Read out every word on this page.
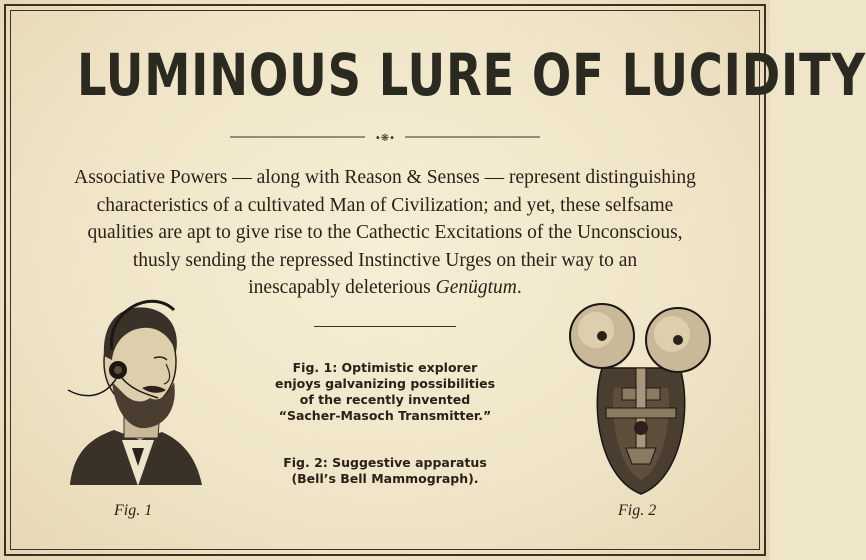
LUMINOUS LURE OF LUCIDITY
•❋•
Associative Powers — along with Reason & Senses — represent distinguishing
characteristics of a cultivated Man of Civilization; and yet, these selfsame
qualities are apt to give rise to the Cathectic Excitations of the Unconscious,
thusly sending the repressed Instinctive Urges on their way to an
inescapably deleterious Genügtum.
Fig. 1: Optimistic explorer
enjoys galvanizing possibilities
of the recently invented
“Sacher-Masoch Transmitter.”
Fig. 2: Suggestive apparatus
(Bell’s Bell Mammograph).
Fig. 1	Fig. 2
